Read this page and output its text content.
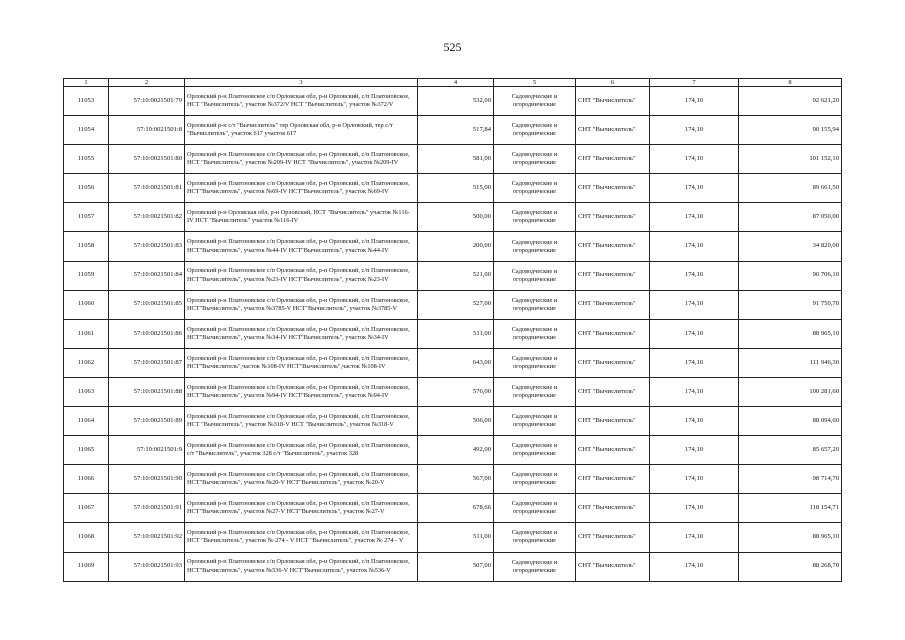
525
1	2	3	4	5	6	7	8
11053	57:10:0021501:79	Орловский р-н Платоновское с/п Орловская обл, р-н Орловский, с/п Платоновское, НСТ "Вычислитель", участок №372/V НСТ "Вычислитель", участок №372/V	532,00	Садоводческие и огороднические	СНТ "Вычислитель"	174,10	92 621,20
11054	57:10:0021501:8	Орловский р-н с/т "Вычислитель" тер Орловская обл, р-н Орловский, тер с/т "Вычислитель", участок 617 участок 617	517,84	Садоводческие и огороднические	СНТ "Вычислитель"	174,10	90 155,94
11055	57:10:0021501:80	Орловский р-н Платоновское с/п Орловская обл, р-н Орловский, с/п Платоновское, НСТ "Вычислитель", участок №209-IV НСТ "Вычислитель", участок №209-IV	581,00	Садоводческие и огороднические	СНТ "Вычислитель"	174,10	101 152,10
11056	57:10:0021501:81	Орловский р-н Платоновское с/п Орловская обл, р-н Орловский, с/п Платоновское, НСТ"Вычислитель", участок №69-IV НСТ"Вычислитель", участок №69-IV	515,00	Садоводческие и огороднические	СНТ "Вычислитель"	174,10	89 661,50
11057	57:10:0021501:82	Орловский р-н Орловская обл, р-н Орловский, НСТ "Вычислитель" участок №116-IV НСТ "Вычислитель" участок №116-IV	500,00	Садоводческие и огороднические	СНТ "Вычислитель"	174,10	87 050,00
11058	57:10:0021501:83	Орловский р-н Платоновское с/п Орловская обл, р-н Орловский, с/п Платоновское, НСТ"Вычислитель", участок №44-IV НСТ"Вычислитель", участок №44-IV	200,00	Садоводческие и огороднические	СНТ "Вычислитель"	174,10	34 820,00
11059	57:10:0021501:84	Орловский р-н Платоновское с/п Орловская обл, р-н Орловский, с/п Платоновское, НСТ"Вычислитель", участок №23-IV НСТ"Вычислитель", участок №23-IV	521,00	Садоводческие и огороднические	СНТ "Вычислитель"	174,10	90 706,10
11060	57:10:0021501:85	Орловский р-н Платоновское с/п Орловская обл, р-н Орловский, с/п Платоновское, НСТ"Вычислитель", участок №3785-V НСТ"Вычислитель", участок №3785-V	527,00	Садоводческие и огороднические	СНТ "Вычислитель"	174,10	91 750,70
11061	57:10:0021501:86	Орловский р-н Платоновское с/п Орловская обл, р-н Орловский, с/п Платоновское, НСТ"Вычислитель", участок №34-IV НСТ"Вычислитель", участок №34-IV	511,00	Садоводческие и огороднические	СНТ "Вычислитель"	174,10	88 965,10
11062	57:10:0021501:87	Орловский р-н Платоновское с/п Орловская обл, р-н Орловский, с/п Платоновское, НСТ"Вычислитель",часток №108-IV НСТ"Вычислитель",часток №108-IV	643,00	Садоводческие и огороднические	СНТ "Вычислитель"	174,10	111 946,30
11063	57:10:0021501:88	Орловский р-н Платоновское с/п Орловская обл, р-н Орловский, с/п Платоновское, НСТ"Вычислитель", участок №94-IV НСТ"Вычислитель", участок №94-IV	576,00	Садоводческие и огороднические	СНТ "Вычислитель"	174,10	100 281,60
11064	57:10:0021501:89	Орловский р-н Платоновское с/п Орловская обл, р-н Орловский, с/п Платоновское, НСТ "Вычислитель", участок №318-V НСТ "Вычислитель", участок №318-V	506,00	Садоводческие и огороднические	СНТ "Вычислитель"	174,10	88 094,60
11065	57:10:0021501:9	Орловский р-н Платоновское с/п Орловская обл, р-н Орловский, с/п Платоновское, с/т "Вычислитель", участок 328 с/т "Вычислитель", участок 328	492,00	Садоводческие и огороднические	СНТ "Вычислитель"	174,10	85 657,20
11066	57:10:0021501:90	Орловский р-н Платоновское с/п Орловская обл, р-н Орловский, с/п Платоновское, НСТ"Вычислитель", участок №20-V НСТ"Вычислитель", участок №20-V	567,00	Садоводческие и огороднические	СНТ "Вычислитель"	174,10	98 714,70
11067	57:10:0021501:91	Орловский р-н Платоновское с/п Орловская обл, р-н Орловский, с/п Платоновское, НСТ"Вычислитель", участок №27-V НСТ"Вычислитель", участок №27-V	678,66	Садоводческие и огороднические	СНТ "Вычислитель"	174,10	118 154,71
11068	57:10:0021501:92	Орловский р-н Платоновское с/п Орловская обл, р-н Орловский, с/п Платоновское, НСТ "Вычислитель", участок № 274 - V НСТ "Вычислитель", участок № 274 - V	511,00	Садоводческие и огороднические	СНТ "Вычислитель"	174,10	88 965,10
11069	57:10:0021501:93	Орловский р-н Платоновское с/п Орловская обл, р-н Орловский, с/п Платоновское, НСТ"Вычислитель", участок №536-V НСТ"Вычислитель", участок №536-V	507,00	Садоводческие и огороднические	СНТ "Вычислитель"	174,10	88 268,70
